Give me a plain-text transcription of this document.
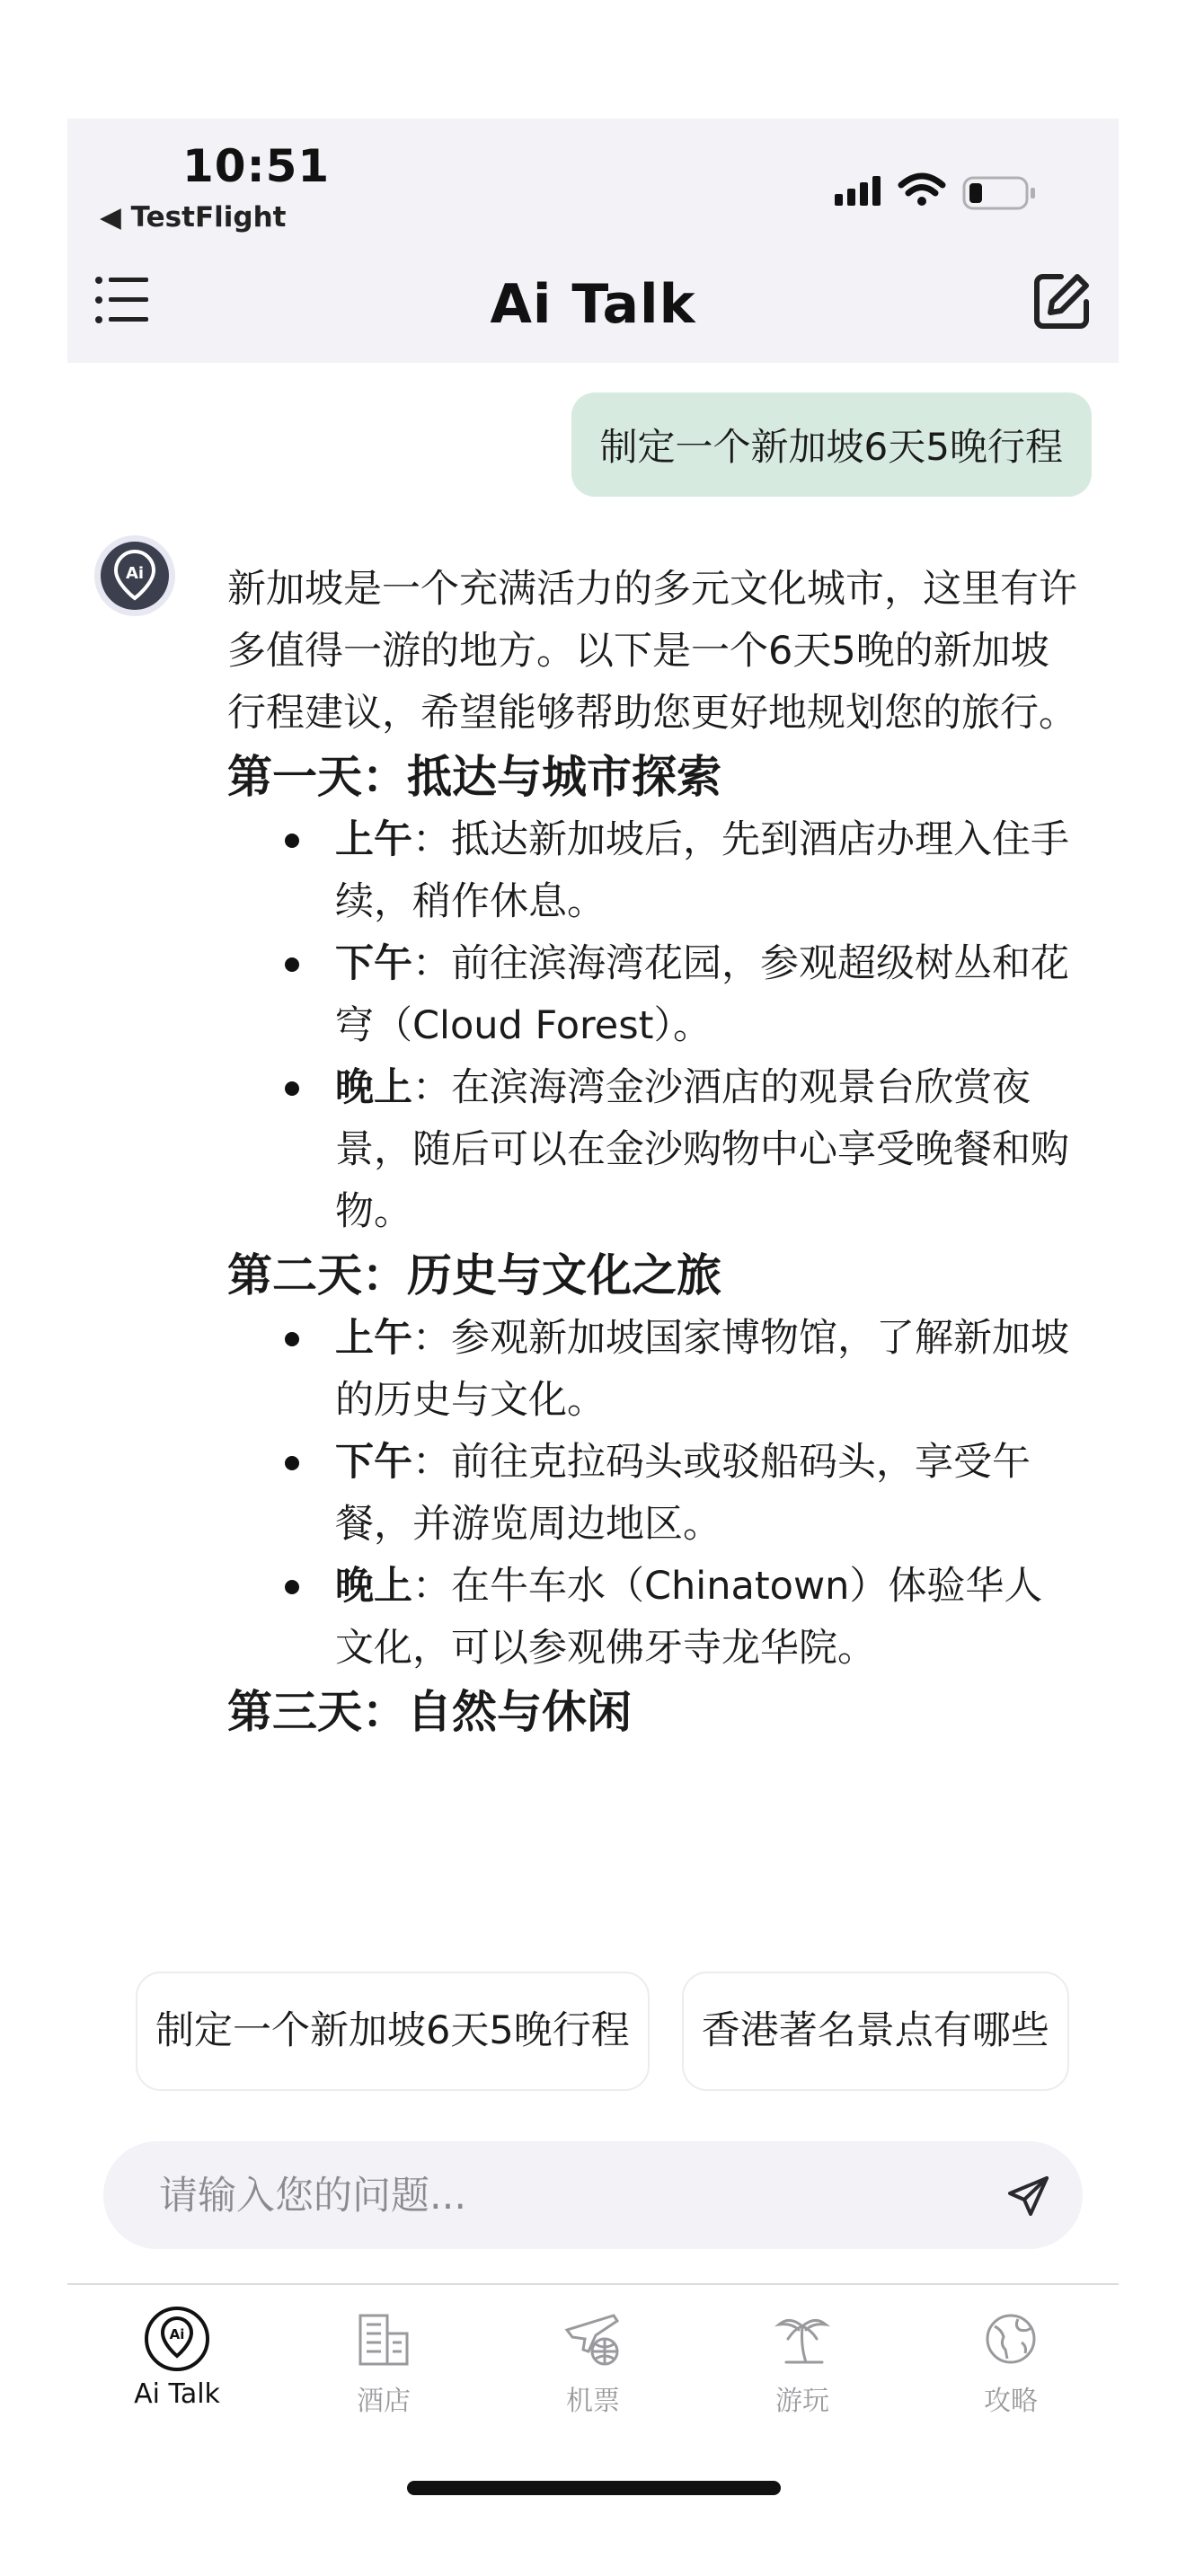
10:51
◀ TestFlight
Ai Talk
制定一个新加坡6天5晚行程
Ai 新加坡是一个充满活力的多元文化城市，这里有许多值得一游的地方。以下是一个6天5晚的新加坡行程建议，希望能够帮助您更好地规划您的旅行。

第一天：抵达与城市探索
上午：抵达新加坡后，先到酒店办理入住手续，稍作休息。
下午：前往滨海湾花园，参观超级树丛和花穹（Cloud Forest）。
晚上：在滨海湾金沙酒店的观景台欣赏夜景，随后可以在金沙购物中心享受晚餐和购物。
第二天：历史与文化之旅
上午：参观新加坡国家博物馆，了解新加坡的历史与文化。
下午：前往克拉码头或驳船码头，享受午餐，并游览周边地区。
晚上：在牛车水（Chinatown）体验华人文化，可以参观佛牙寺龙华院。
第三天：自然与休闲
制定一个新加坡6天5晚行程 香港著名景点有哪些
请输入您的问题...
Ai
Ai Talk	酒店	机票	游玩	攻略
